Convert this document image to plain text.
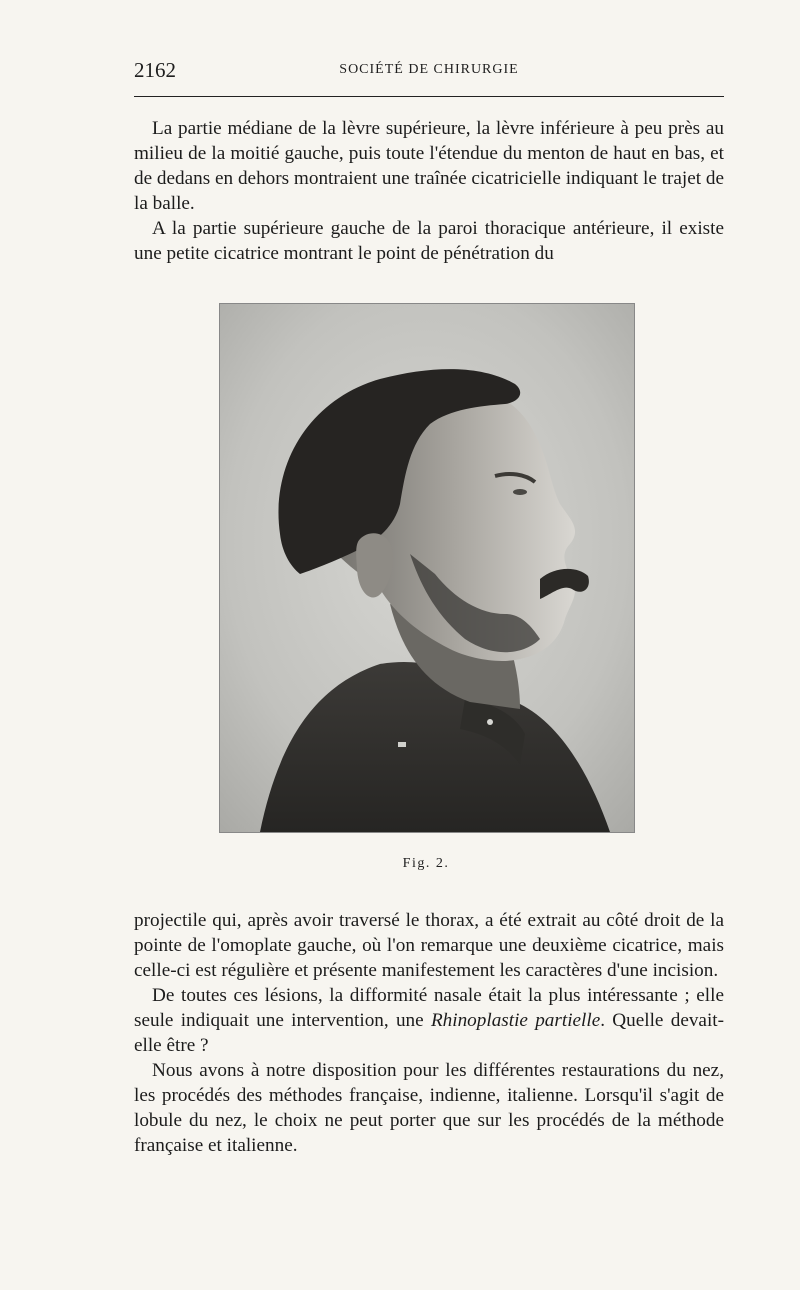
2162	SOCIÉTÉ DE CHIRURGIE

La partie médiane de la lèvre supérieure, la lèvre inférieure à peu près au milieu de la moitié gauche, puis toute l'étendue du menton de haut en bas, et de dedans en dehors montraient une traînée cicatricielle indiquant le trajet de la balle.

A la partie supérieure gauche de la paroi thoracique antérieure, il existe une petite cicatrice montrant le point de pénétration du

Fig. 2.

projectile qui, après avoir traversé le thorax, a été extrait au côté droit de la pointe de l'omoplate gauche, où l'on remarque une deuxième cicatrice, mais celle-ci est régulière et présente manifestement les caractères d'une incision.

De toutes ces lésions, la difformité nasale était la plus intéressante ; elle seule indiquait une intervention, une Rhinoplastie partielle. Quelle devait-elle être ?

Nous avons à notre disposition pour les différentes restaurations du nez, les procédés des méthodes française, indienne, italienne. Lorsqu'il s'agit de lobule du nez, le choix ne peut porter que sur les procédés de la méthode française et italienne.
